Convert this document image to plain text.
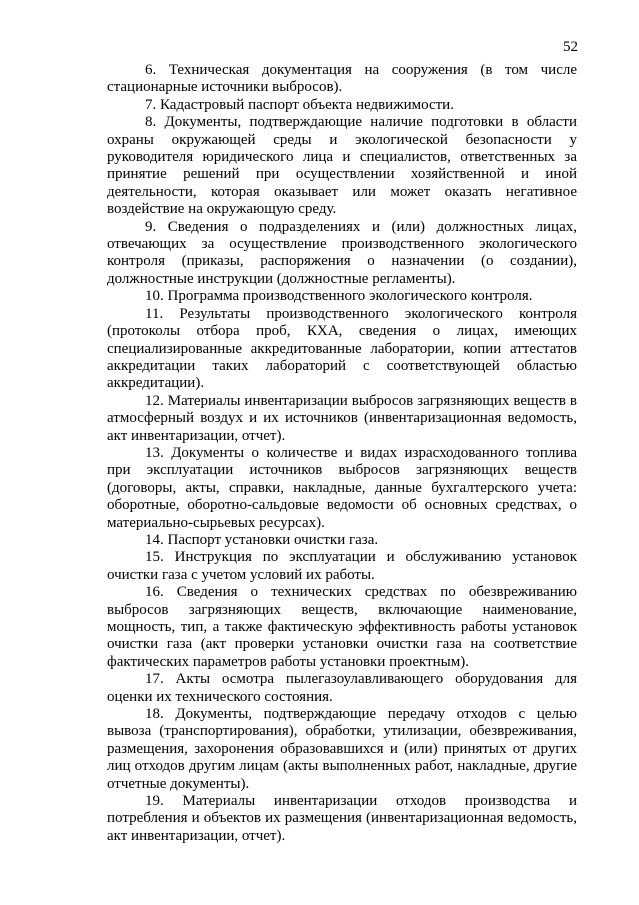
52

6. Техническая документация на сооружения (в том числе стационарные источники выбросов).

7. Кадастровый паспорт объекта недвижимости.

8. Документы, подтверждающие наличие подготовки в области охраны окружающей среды и экологической безопасности у руководителя юридического лица и специалистов, ответственных за принятие решений при осуществлении хозяйственной и иной деятельности, которая оказывает или может оказать негативное воздействие на окружающую среду.

9. Сведения о подразделениях и (или) должностных лицах, отвечающих за осуществление производственного экологического контроля (приказы, распоряжения о назначении (о создании), должностные инструкции (должностные регламенты).

10. Программа производственного экологического контроля.

11. Результаты производственного экологического контроля (протоколы отбора проб, КХА, сведения о лицах, имеющих специализированные аккредитованные лаборатории, копии аттестатов аккредитации таких лабораторий с соответствующей областью аккредитации).

12. Материалы инвентаризации выбросов загрязняющих веществ в атмосферный воздух и их источников (инвентаризационная ведомость, акт инвентаризации, отчет).

13. Документы о количестве и видах израсходованного топлива при эксплуатации источников выбросов загрязняющих веществ (договоры, акты, справки, накладные, данные бухгалтерского учета: оборотные, оборотно-сальдовые ведомости об основных средствах, о материально-сырьевых ресурсах).

14. Паспорт установки очистки газа.

15. Инструкция по эксплуатации и обслуживанию установок очистки газа с учетом условий их работы.

16. Сведения о технических средствах по обезвреживанию выбросов загрязняющих веществ, включающие наименование, мощность, тип, а также фактическую эффективность работы установок очистки газа (акт проверки установки очистки газа на соответствие фактических параметров работы установки проектным).

17. Акты осмотра пылегазоулавливающего оборудования для оценки их технического состояния.

18. Документы, подтверждающие передачу отходов с целью вывоза (транспортирования), обработки, утилизации, обезвреживания, размещения, захоронения образовавшихся и (или) принятых от других лиц отходов другим лицам (акты выполненных работ, накладные, другие отчетные документы).

19. Материалы инвентаризации отходов производства и потребления и объектов их размещения (инвентаризационная ведомость, акт инвентаризации, отчет).
